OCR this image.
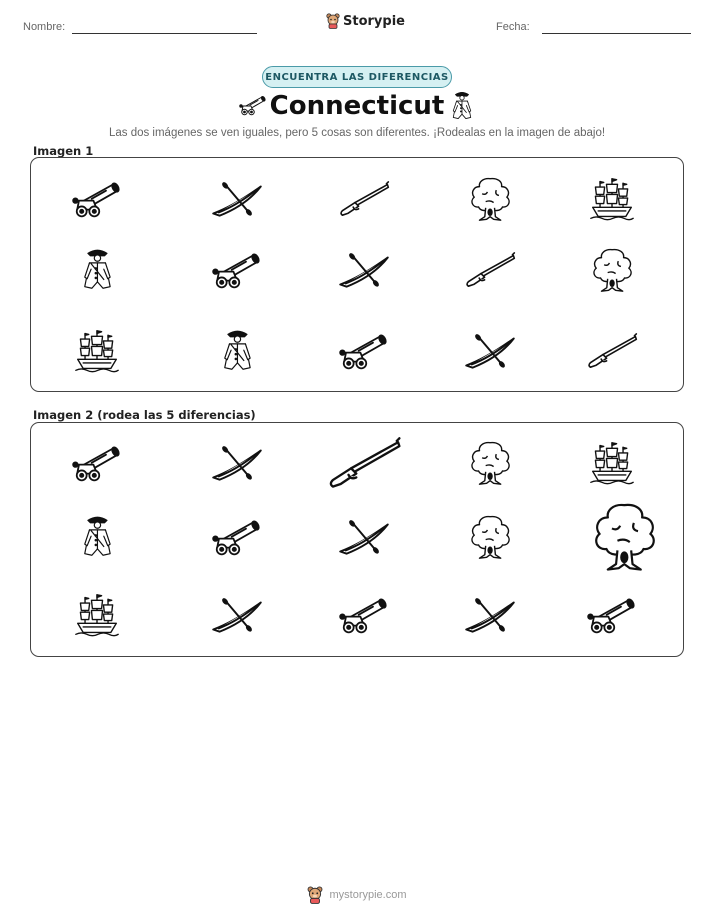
Nombre:	Storypie	Fecha:
ENCUENTRA LAS DIFERENCIAS
Connecticut
Las dos imágenes se ven iguales, pero 5 cosas son diferentes. ¡Rodealas en la imagen de abajo!
Imagen 1
Imagen 2 (rodea las 5 diferencias)
mystorypie.com
